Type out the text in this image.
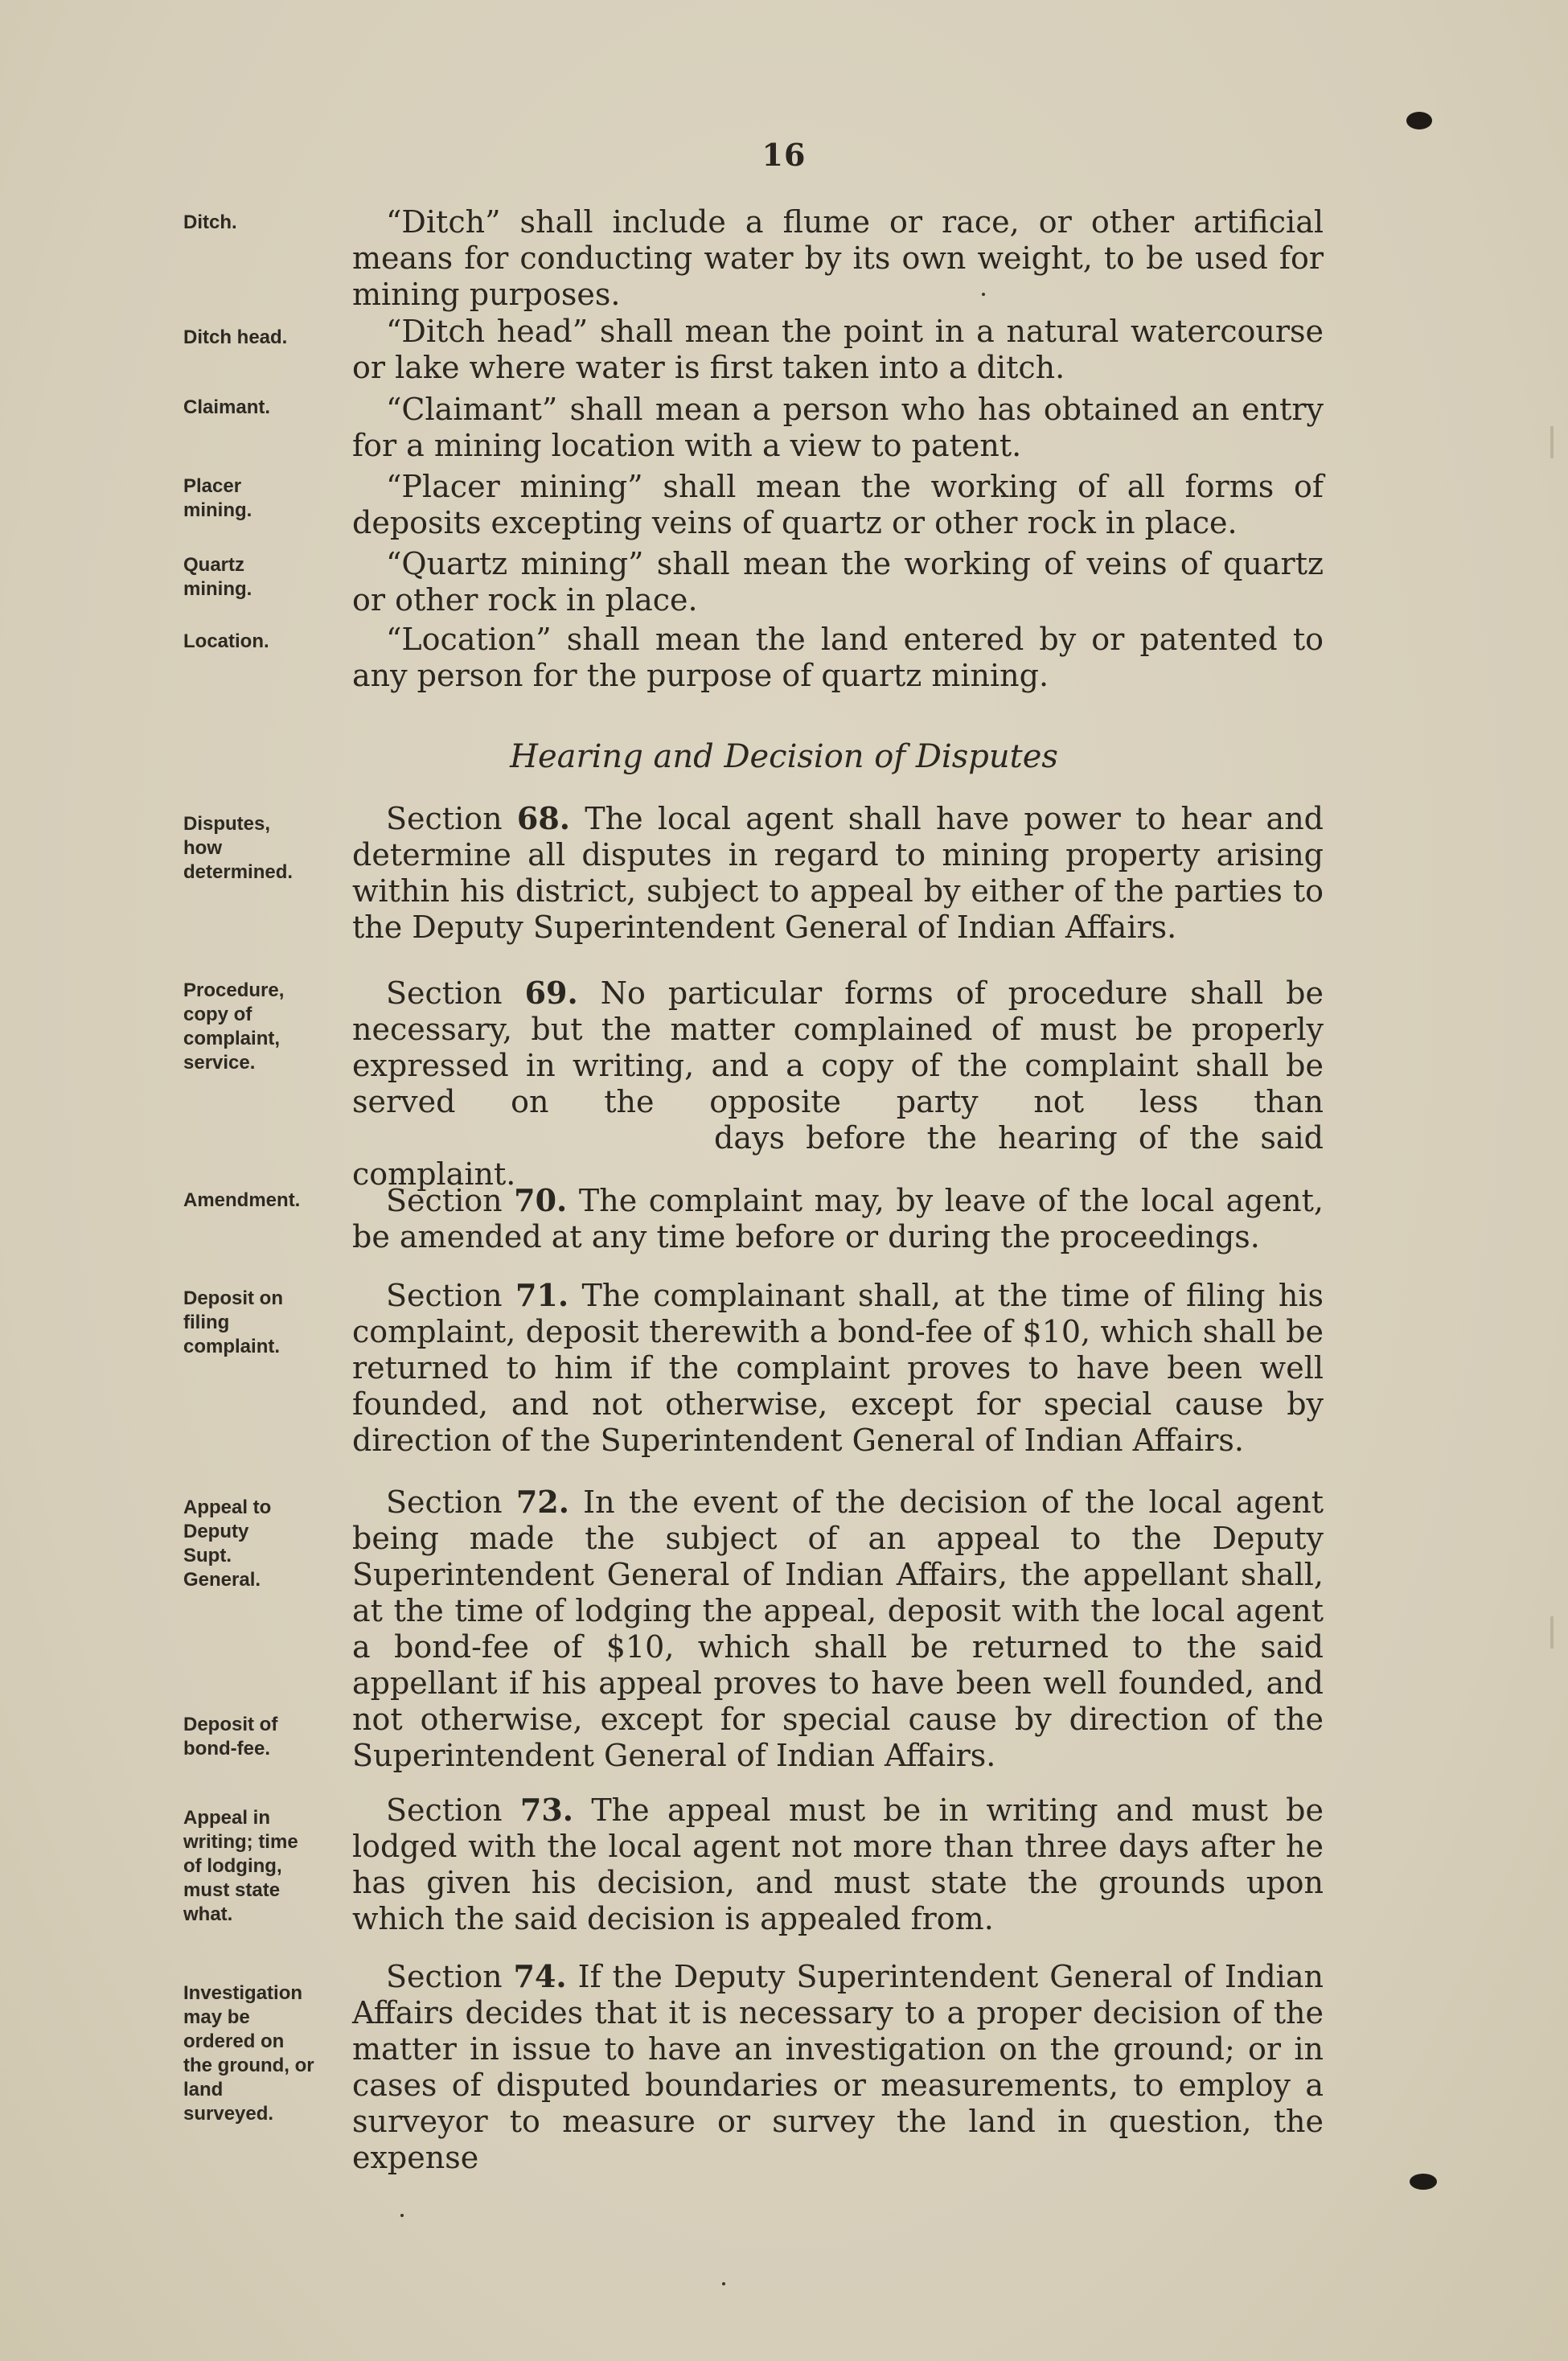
16
Ditch.
Ditch head.
Claimant.
Placer mining.
Quartz mining.
Location.
Disputes, how determined.
Procedure, copy of complaint, service.
Amendment.
Deposit on filing complaint.
Appeal to Deputy Supt. General.
Deposit of bond-fee.
Appeal in writing; time of lodging, must state what.
Investigation may be ordered on the ground, or land surveyed.
“Ditch” shall include a flume or race, or other artificial means for conducting water by its own weight, to be used for mining purposes.
“Ditch head” shall mean the point in a natural watercourse or lake where water is first taken into a ditch.
“Claimant” shall mean a person who has obtained an entry for a mining location with a view to patent.
“Placer mining” shall mean the working of all forms of deposits excepting veins of quartz or other rock in place.
“Quartz mining” shall mean the working of veins of quartz or other rock in place.
“Location” shall mean the land entered by or patented to any person for the purpose of quartz mining.
Hearing and Decision of Disputes
Section 68. The local agent shall have power to hear and determine all disputes in regard to mining property arising within his district, subject to appeal by either of the parties to the Deputy Superintendent General of Indian Affairs.
Section 69. No particular forms of procedure shall be necessary, but the matter complained of must be properly expressed in writing, and a copy of the complaint shall be served on the opposite party not less thandays before the hearing of the said complaint.
Section 70. The complaint may, by leave of the local agent, be amended at any time before or during the proceedings.
Section 71. The complainant shall, at the time of filing his complaint, deposit therewith a bond-fee of $10, which shall be returned to him if the complaint proves to have been well founded, and not otherwise, except for special cause by direction of the Superintendent General of Indian Affairs.
Section 72. In the event of the decision of the local agent being made the subject of an appeal to the Deputy Superintendent General of Indian Affairs, the appellant shall, at the time of lodging the appeal, deposit with the local agent a bond-fee of $10, which shall be returned to the said appellant if his appeal proves to have been well founded, and not otherwise, except for special cause by direction of the Superintendent General of Indian Affairs.
Section 73. The appeal must be in writing and must be lodged with the local agent not more than three days after he has given his decision, and must state the grounds upon which the said decision is appealed from.
Section 74. If the Deputy Superintendent General of Indian Affairs decides that it is necessary to a proper decision of the matter in issue to have an investigation on the ground; or in cases of disputed boundaries or measurements, to employ a surveyor to measure or survey the land in question, the expense
